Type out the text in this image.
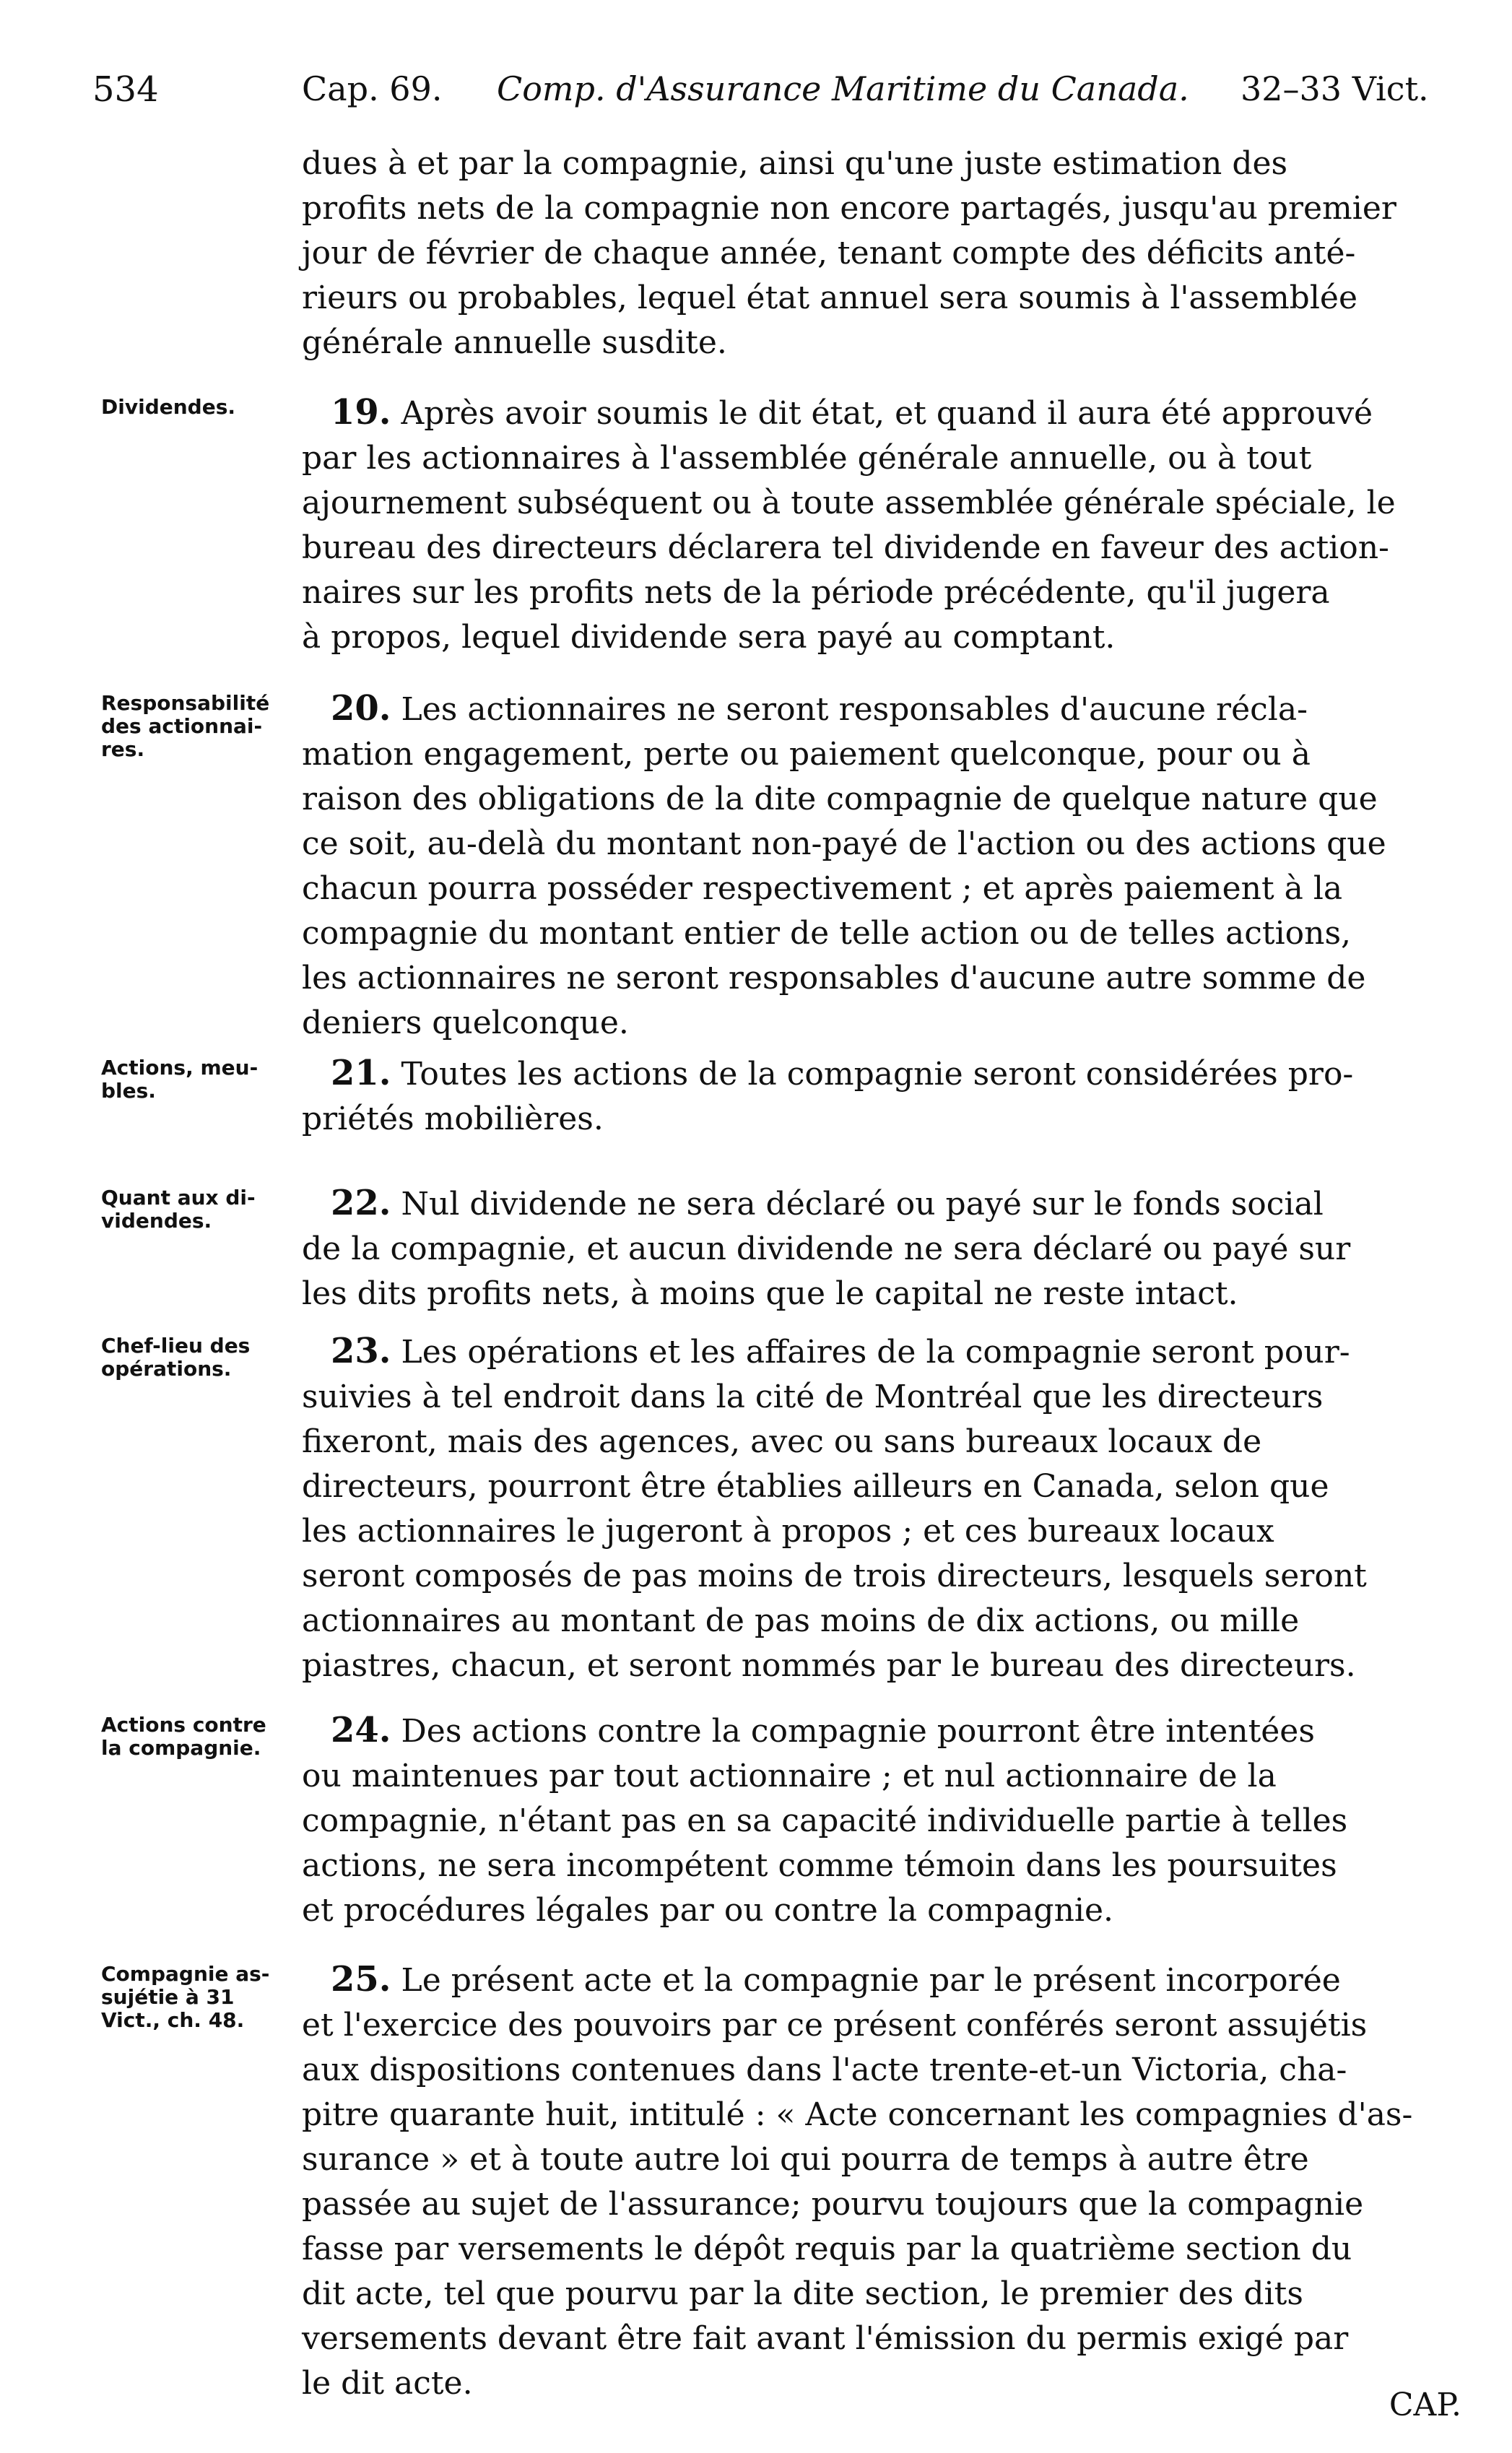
534	Cap. 69. Comp. d'Assurance Maritime du Canada. 32–33 Vict.
dues à et par la compagnie, ainsi qu'une juste estimation des
profits nets de la compagnie non encore partagés, jusqu'au premier
jour de février de chaque année, tenant compte des déficits anté-
rieurs ou probables, lequel état annuel sera soumis à l'assemblée
générale annuelle susdite.
Dividendes.	19. Après avoir soumis le dit état, et quand il aura été approuvé
par les actionnaires à l'assemblée générale annuelle, ou à tout
ajournement subséquent ou à toute assemblée générale spéciale, le
bureau des directeurs déclarera tel dividende en faveur des action-
naires sur les profits nets de la période précédente, qu'il jugera
à propos, lequel dividende sera payé au comptant.
Responsabilité
des actionnai-
res.
20. Les actionnaires ne seront responsables d'aucune récla-
mation engagement, perte ou paiement quelconque, pour ou à
raison des obligations de la dite compagnie de quelque nature que
ce soit, au-delà du montant non-payé de l'action ou des actions que
chacun pourra posséder respectivement ; et après paiement à la
compagnie du montant entier de telle action ou de telles actions,
les actionnaires ne seront responsables d'aucune autre somme de
deniers quelconque.
Actions, meu-
bles.	21. Toutes les actions de la compagnie seront considérées pro-
priétés mobilières.
Quant aux di-
videndes.	22. Nul dividende ne sera déclaré ou payé sur le fonds social
de la compagnie, et aucun dividende ne sera déclaré ou payé sur
les dits profits nets, à moins que le capital ne reste intact.
Chef-lieu des
opérations.	23. Les opérations et les affaires de la compagnie seront pour-
suivies à tel endroit dans la cité de Montréal que les directeurs
fixeront, mais des agences, avec ou sans bureaux locaux de
directeurs, pourront être établies ailleurs en Canada, selon que
les actionnaires le jugeront à propos ; et ces bureaux locaux
seront composés de pas moins de trois directeurs, lesquels seront
actionnaires au montant de pas moins de dix actions, ou mille
piastres, chacun, et seront nommés par le bureau des directeurs.
Actions contre
la compagnie.	24. Des actions contre la compagnie pourront être intentées
ou maintenues par tout actionnaire ; et nul actionnaire de la
compagnie, n'étant pas en sa capacité individuelle partie à telles
actions, ne sera incompétent comme témoin dans les poursuites
et procédures légales par ou contre la compagnie.
Compagnie as-
sujétie à 31
Vict., ch. 48.
25. Le présent acte et la compagnie par le présent incorporée
et l'exercice des pouvoirs par ce présent conférés seront assujétis
aux dispositions contenues dans l'acte trente-et-un Victoria, cha-
pitre quarante huit, intitulé : « Acte concernant les compagnies d'as-
surance » et à toute autre loi qui pourra de temps à autre être
passée au sujet de l'assurance; pourvu toujours que la compagnie
fasse par versements le dépôt requis par la quatrième section du
dit acte, tel que pourvu par la dite section, le premier des dits
versements devant être fait avant l'émission du permis exigé par
le dit acte.
CAP.
